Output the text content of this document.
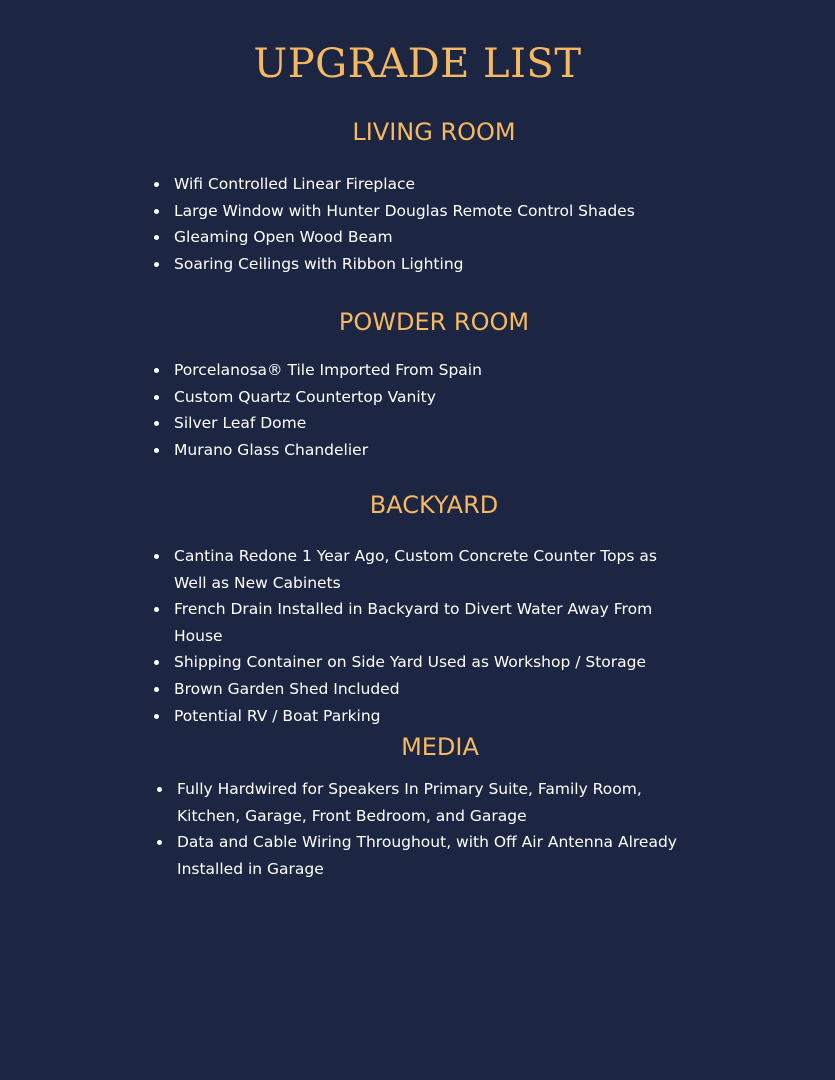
UPGRADE LIST
LIVING ROOM
Wifi Controlled Linear Fireplace
Large Window with Hunter Douglas Remote Control Shades
Gleaming Open Wood Beam
Soaring Ceilings with Ribbon Lighting
POWDER ROOM
Porcelanosa® Tile Imported From Spain
Custom Quartz Countertop Vanity
Silver Leaf Dome
Murano Glass Chandelier
BACKYARD
Cantina Redone 1 Year Ago, Custom Concrete Counter Tops as Well as New Cabinets
French Drain Installed in Backyard to Divert Water Away From House
Shipping Container on Side Yard Used as Workshop / Storage
Brown Garden Shed Included
Potential RV / Boat Parking
MEDIA
Fully Hardwired for Speakers In Primary Suite, Family Room, Kitchen, Garage, Front Bedroom, and Garage
Data and Cable Wiring Throughout, with Off Air Antenna Already Installed in Garage
